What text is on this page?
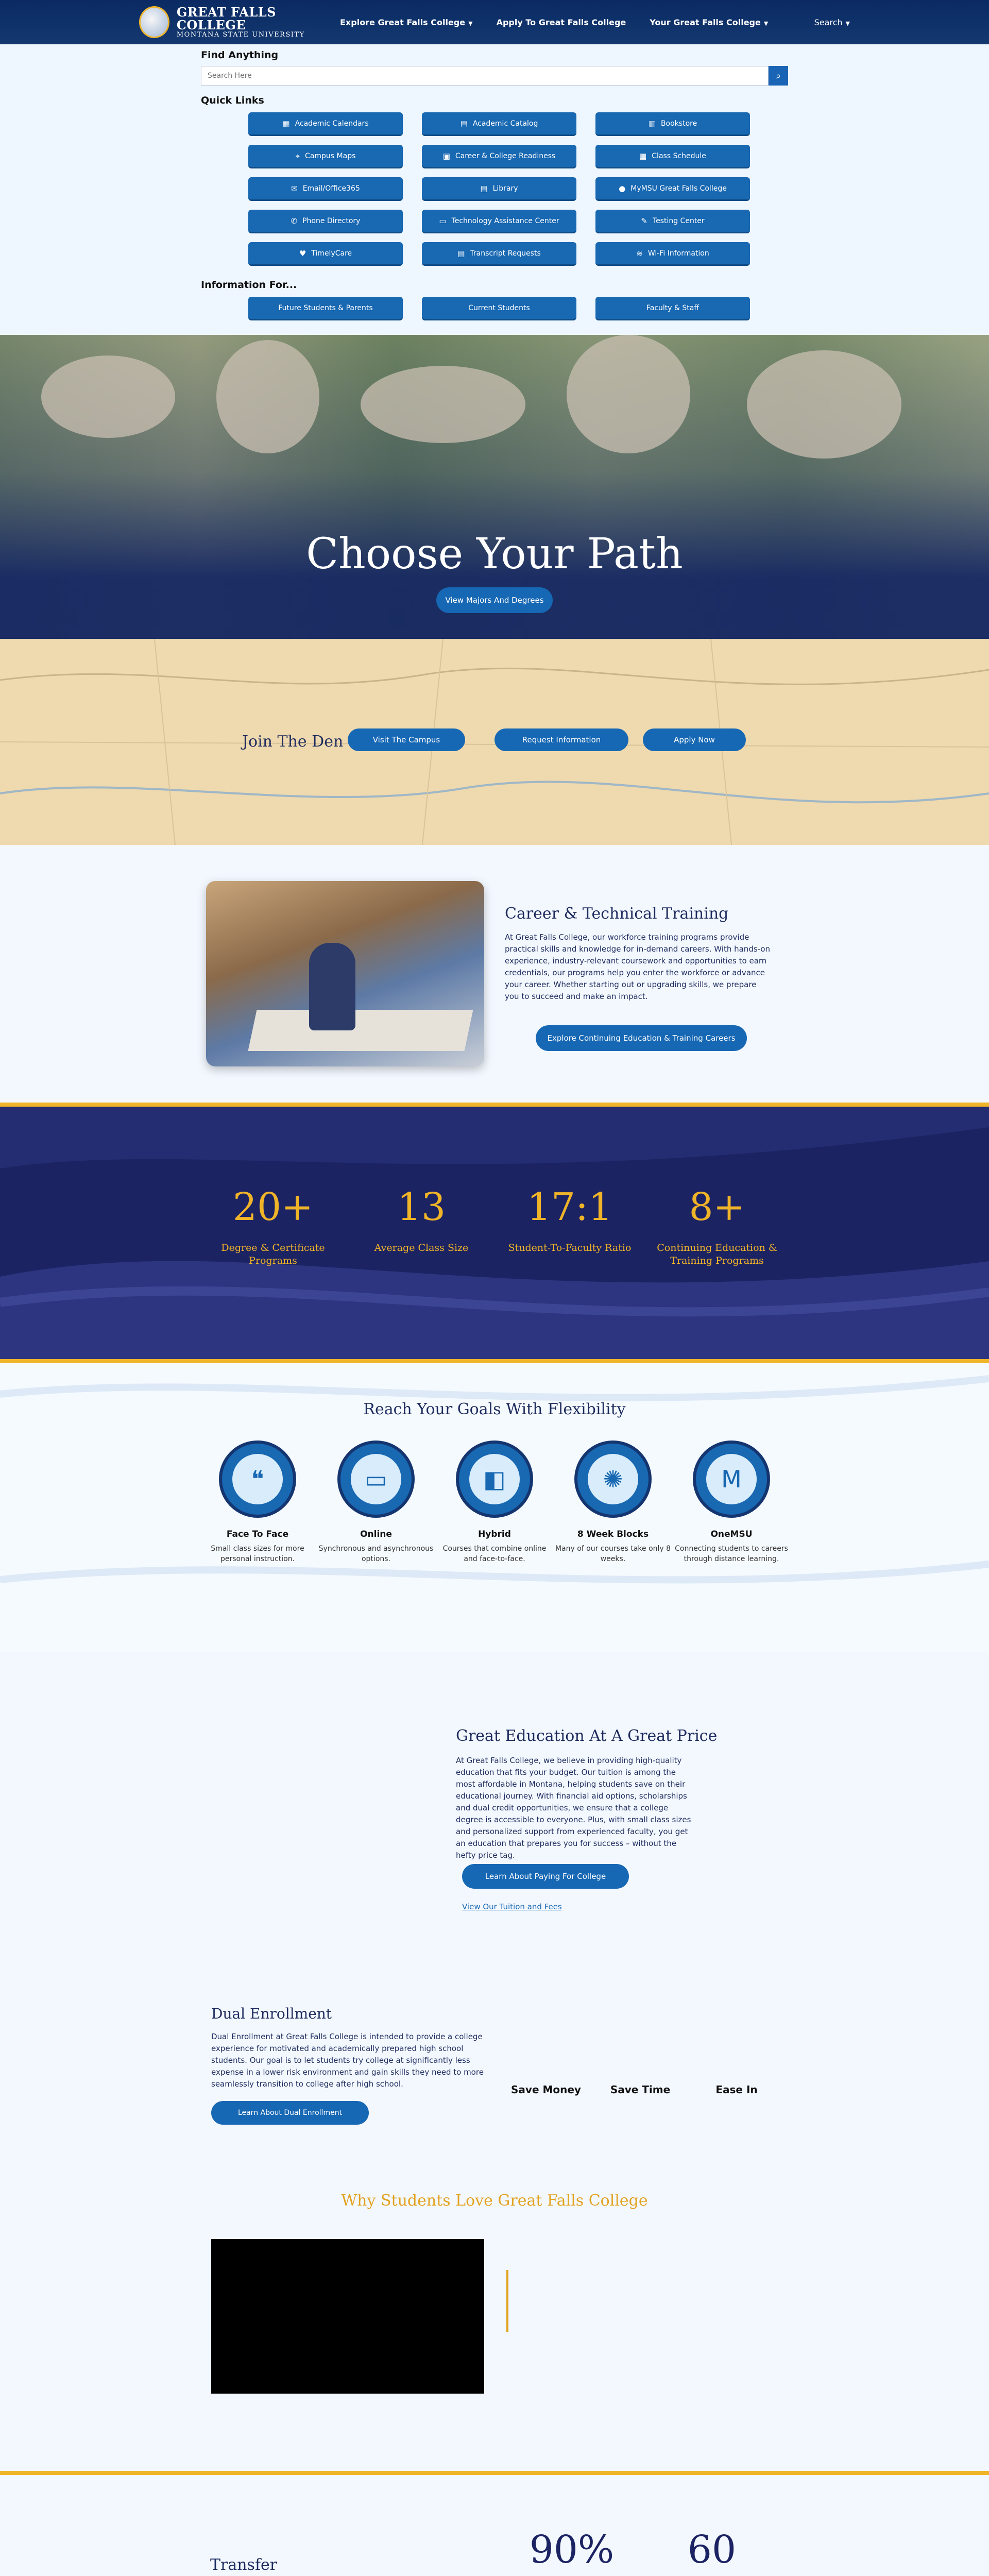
GREAT FALLS COLLEGE
MONTANA STATE UNIVERSITY
Explore Great Falls College ▼	Apply To Great Falls College	Your Great Falls College ▼	Search ▼
Find Anything
Search Here
⌕
Quick Links
▦ Academic Calendars	▤ Academic Catalog	▥ Bookstore
⌖ Campus Maps	▣ Career & College Readiness	▦ Class Schedule
✉ Email/Office365	▤ Library	● MyMSU Great Falls College
✆ Phone Directory	▭ Technology Assistance Center	✎ Testing Center
♥ TimelyCare	▤ Transcript Requests	≋ Wi-Fi Information
Information For...
Future Students & Parents	Current Students	Faculty & Staff
Choose Your Path
View Majors And Degrees
Join The Den	Visit The Campus	Request Information	Apply Now
Career & Technical Training

At Great Falls College, our workforce training programs provide practical skills and knowledge for in-demand careers. With hands-on experience, industry-relevant coursework and opportunities to earn credentials, our programs help you enter the workforce or advance your career. Whether starting out or upgrading skills, we prepare you to succeed and make an impact.

Explore Continuing Education & Training Careers
20+
Degree & Certificate Programs
13
Average Class Size
17:1
Student-To-Faculty Ratio
8+
Continuing Education & Training Programs
Reach Your Goals With Flexibility
❝
Face To Face

Small class sizes for more personal instruction.

▭
Online

Synchronous and asynchronous options.

◧
Hybrid

Courses that combine online and face-to-face.

✺
8 Week Blocks

Many of our courses take only 8 weeks.

M
OneMSU

Connecting students to careers through distance learning.

Great Education At A Great Price

At Great Falls College, we believe in providing high-quality education that fits your budget. Our tuition is among the most affordable in Montana, helping students save on their educational journey. With financial aid options, scholarships and dual credit opportunities, we ensure that a college degree is accessible to everyone. Plus, with small class sizes and personalized support from experienced faculty, you get an education that prepares you for success – without the hefty price tag.

Learn About Paying For College
View Our Tuition and Fees
Dual Enrollment

Dual Enrollment at Great Falls College is intended to provide a college experience for motivated and academically prepared high school students. Our goal is to let students try college at significantly less expense in a lower risk environment and gain skills they need to more seamlessly transition to college after high school.

Learn About Dual Enrollment
Save Money	Save Time	Ease In
Why Students Love Great Falls College
Transfer	90%	60
